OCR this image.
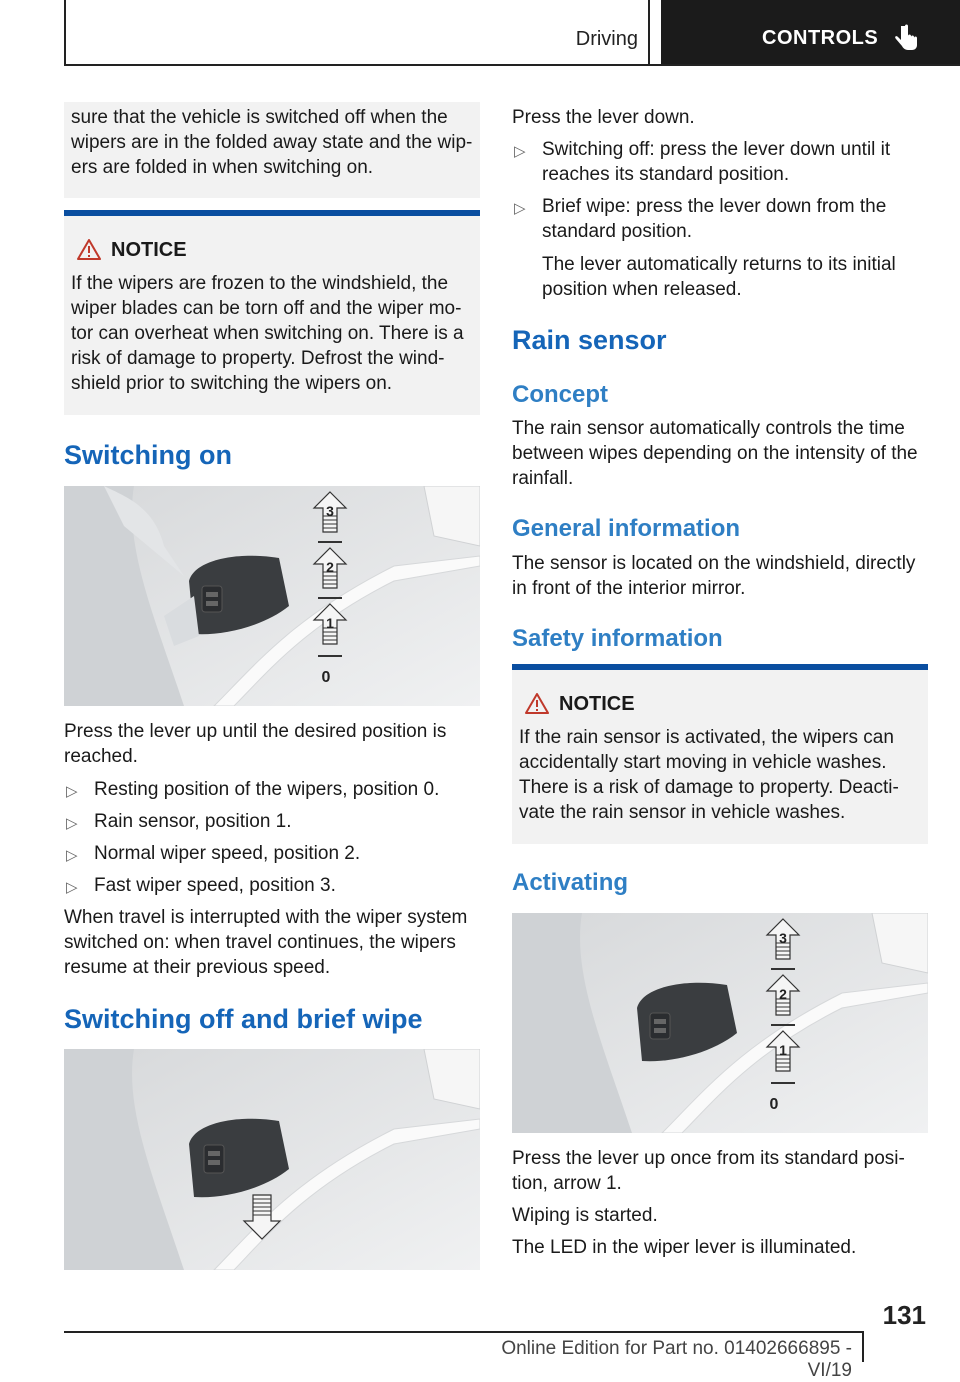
Driving	CONTROLS

sure that the vehicle is switched off when the

wipers are in the folded away state and the wip-

ers are folded in when switching on.

NOTICE

If the wipers are frozen to the windshield, the

wiper blades can be torn off and the wiper mo-

tor can overheat when switching on. There is a

risk of damage to property. Defrost the wind-

shield prior to switching the wipers on.

Switching on
3
2
1
0

Press the lever up until the desired position is

reached.

▷ Resting position of the wipers, position 0.

▷ Rain sensor, position 1.

▷ Normal wiper speed, position 2.

▷ Fast wiper speed, position 3.

When travel is interrupted with the wiper system

switched on: when travel continues, the wipers

resume at their previous speed.

Switching off and brief wipe

Press the lever down.

▷ Switching off: press the lever down until it

reaches its standard position.

▷ Brief wipe: press the lever down from the

standard position.

The lever automatically returns to its initial

position when released.

Rain sensor
Concept

The rain sensor automatically controls the time

between wipes depending on the intensity of the

rainfall.

General information

The sensor is located on the windshield, directly

in front of the interior mirror.

Safety information
NOTICE

If the rain sensor is activated, the wipers can

accidentally start moving in vehicle washes.

There is a risk of damage to property. Deacti-

vate the rain sensor in vehicle washes.

Activating
3
2
1
0

Press the lever up once from its standard posi-

tion, arrow 1.

Wiping is started.

The LED in the wiper lever is illuminated.

131
Online Edition for Part no. 01402666895 - VI/19
